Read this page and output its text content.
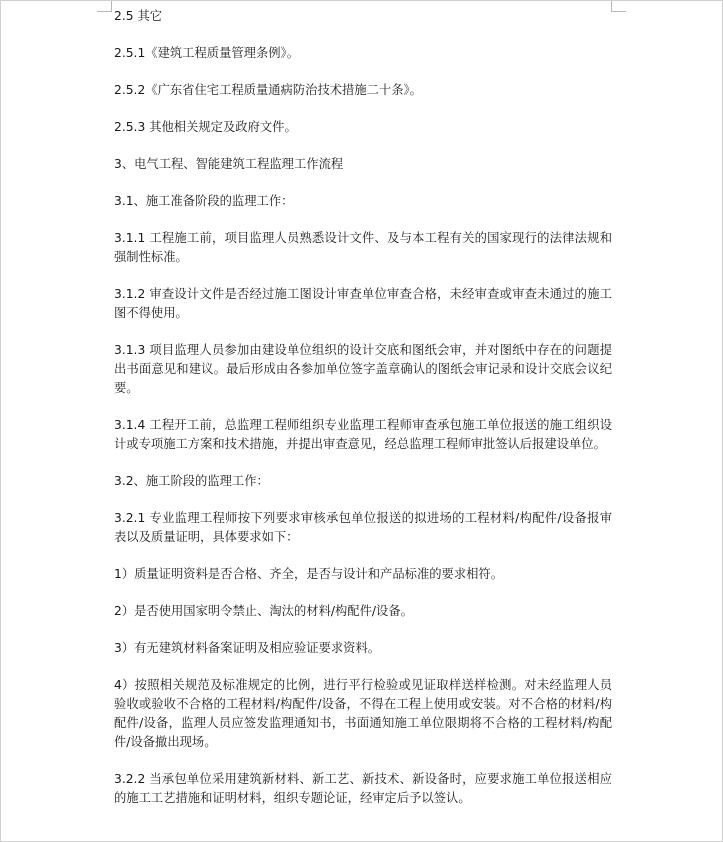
2.5 其它

2.5.1《建筑工程质量管理条例》。

2.5.2《广东省住宅工程质量通病防治技术措施二十条》。

2.5.3 其他相关规定及政府文件。

3、电气工程、智能建筑工程监理工作流程

3.1、施工准备阶段的监理工作：

3.1.1 工程施工前，项目监理人员熟悉设计文件、及与本工程有关的国家现行的法律法规和强制性标准。

3.1.2 审查设计文件是否经过施工图设计审查单位审查合格，未经审查或审查未通过的施工图不得使用。

3.1.3 项目监理人员参加由建设单位组织的设计交底和图纸会审，并对图纸中存在的问题提出书面意见和建议。最后形成由各参加单位签字盖章确认的图纸会审记录和设计交底会议纪要。

3.1.4 工程开工前，总监理工程师组织专业监理工程师审查承包施工单位报送的施工组织设计或专项施工方案和技术措施，并提出审查意见，经总监理工程师审批签认后报建设单位。

3.2、施工阶段的监理工作：

3.2.1 专业监理工程师按下列要求审核承包单位报送的拟进场的工程材料/构配件/设备报审表以及质量证明，具体要求如下：

1）质量证明资料是否合格、齐全，是否与设计和产品标准的要求相符。

2）是否使用国家明令禁止、淘汰的材料/构配件/设备。

3）有无建筑材料备案证明及相应验证要求资料。

4）按照相关规范及标准规定的比例，进行平行检验或见证取样送样检测。对未经监理人员验收或验收不合格的工程材料/构配件/设备，不得在工程上使用或安装。对不合格的材料/构配件/设备，监理人员应签发监理通知书，书面通知施工单位限期将不合格的工程材料/构配件/设备撤出现场。

3.2.2 当承包单位采用建筑新材料、新工艺、新技术、新设备时，应要求施工单位报送相应的施工工艺措施和证明材料，组织专题论证，经审定后予以签认。
